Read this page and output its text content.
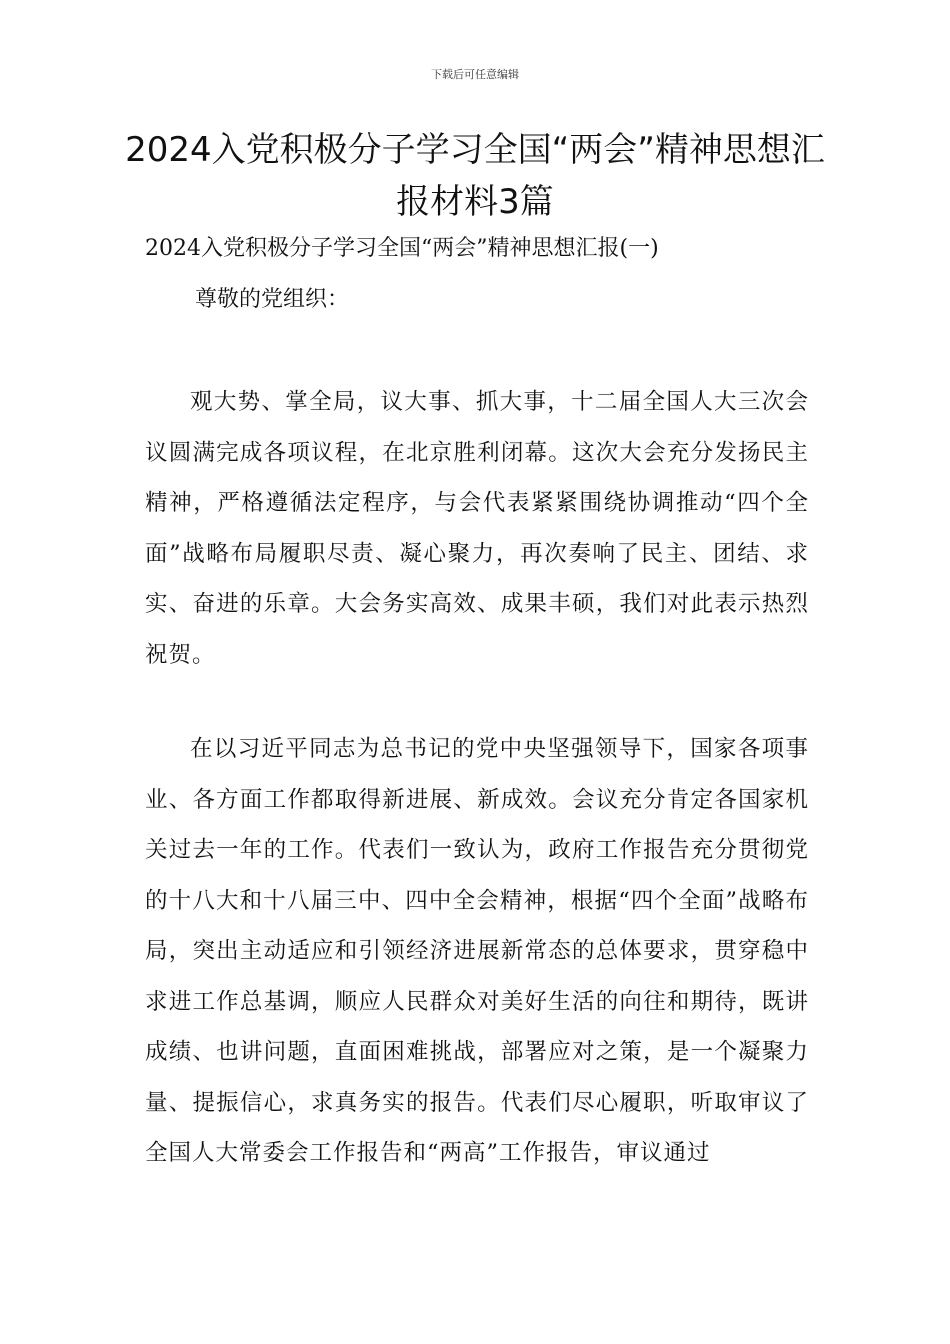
下载后可任意编辑
2024入党积极分子学习全国“两会”精神思想汇报材料3篇

2024入党积极分子学习全国“两会”精神思想汇报(一)

尊敬的党组织：

观大势、掌全局，议大事、抓大事，十二届全国人大三次会议圆满完成各项议程，在北京胜利闭幕。这次大会充分发扬民主精神，严格遵循法定程序，与会代表紧紧围绕协调推动“四个全面”战略布局履职尽责、凝心聚力，再次奏响了民主、团结、求实、奋进的乐章。大会务实高效、成果丰硕，我们对此表示热烈祝贺。

在以习近平同志为总书记的党中央坚强领导下，国家各项事业、各方面工作都取得新进展、新成效。会议充分肯定各国家机关过去一年的工作。代表们一致认为，政府工作报告充分贯彻党的十八大和十八届三中、四中全会精神，根据“四个全面”战略布局，突出主动适应和引领经济进展新常态的总体要求，贯穿稳中求进工作总基调，顺应人民群众对美好生活的向往和期待，既讲成绩、也讲问题，直面困难挑战，部署应对之策，是一个凝聚力量、提振信心，求真务实的报告。代表们尽心履职，听取审议了全国人大常委会工作报告和“两高”工作报告，审议通过
